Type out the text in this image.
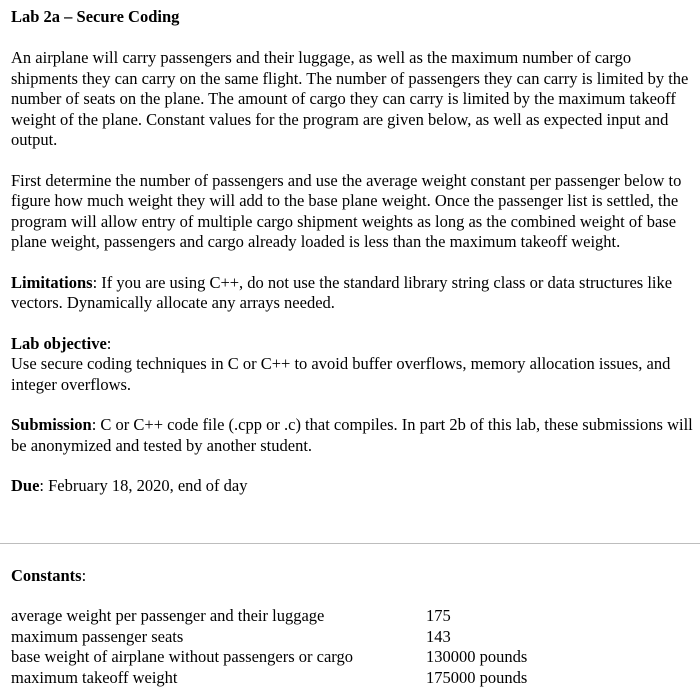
Lab 2a – Secure Coding

An airplane will carry passengers and their luggage, as well as the maximum number of cargo shipments they can carry on the same flight. The number of passengers they can carry is limited by the number of seats on the plane. The amount of cargo they can carry is limited by the maximum takeoff weight of the plane. Constant values for the program are given below, as well as expected input and output.

First determine the number of passengers and use the average weight constant per passenger below to figure how much weight they will add to the base plane weight. Once the passenger list is settled, the program will allow entry of multiple cargo shipment weights as long as the combined weight of base plane weight, passengers and cargo already loaded is less than the maximum takeoff weight.

Limitations: If you are using C++, do not use the standard library string class or data structures like vectors. Dynamically allocate any arrays needed.

Lab objective:
Use secure coding techniques in C or C++ to avoid buffer overflows, memory allocation issues, and integer overflows.

Submission: C or C++ code file (.cpp or .c) that compiles. In part 2b of this lab, these submissions will be anonymized and tested by another student.

Due: February 18, 2020, end of day

Constants:

average weight per passenger and their luggage	175
maximum passenger seats	143
base weight of airplane without passengers or cargo	130000 pounds
maximum takeoff weight	175000 pounds
